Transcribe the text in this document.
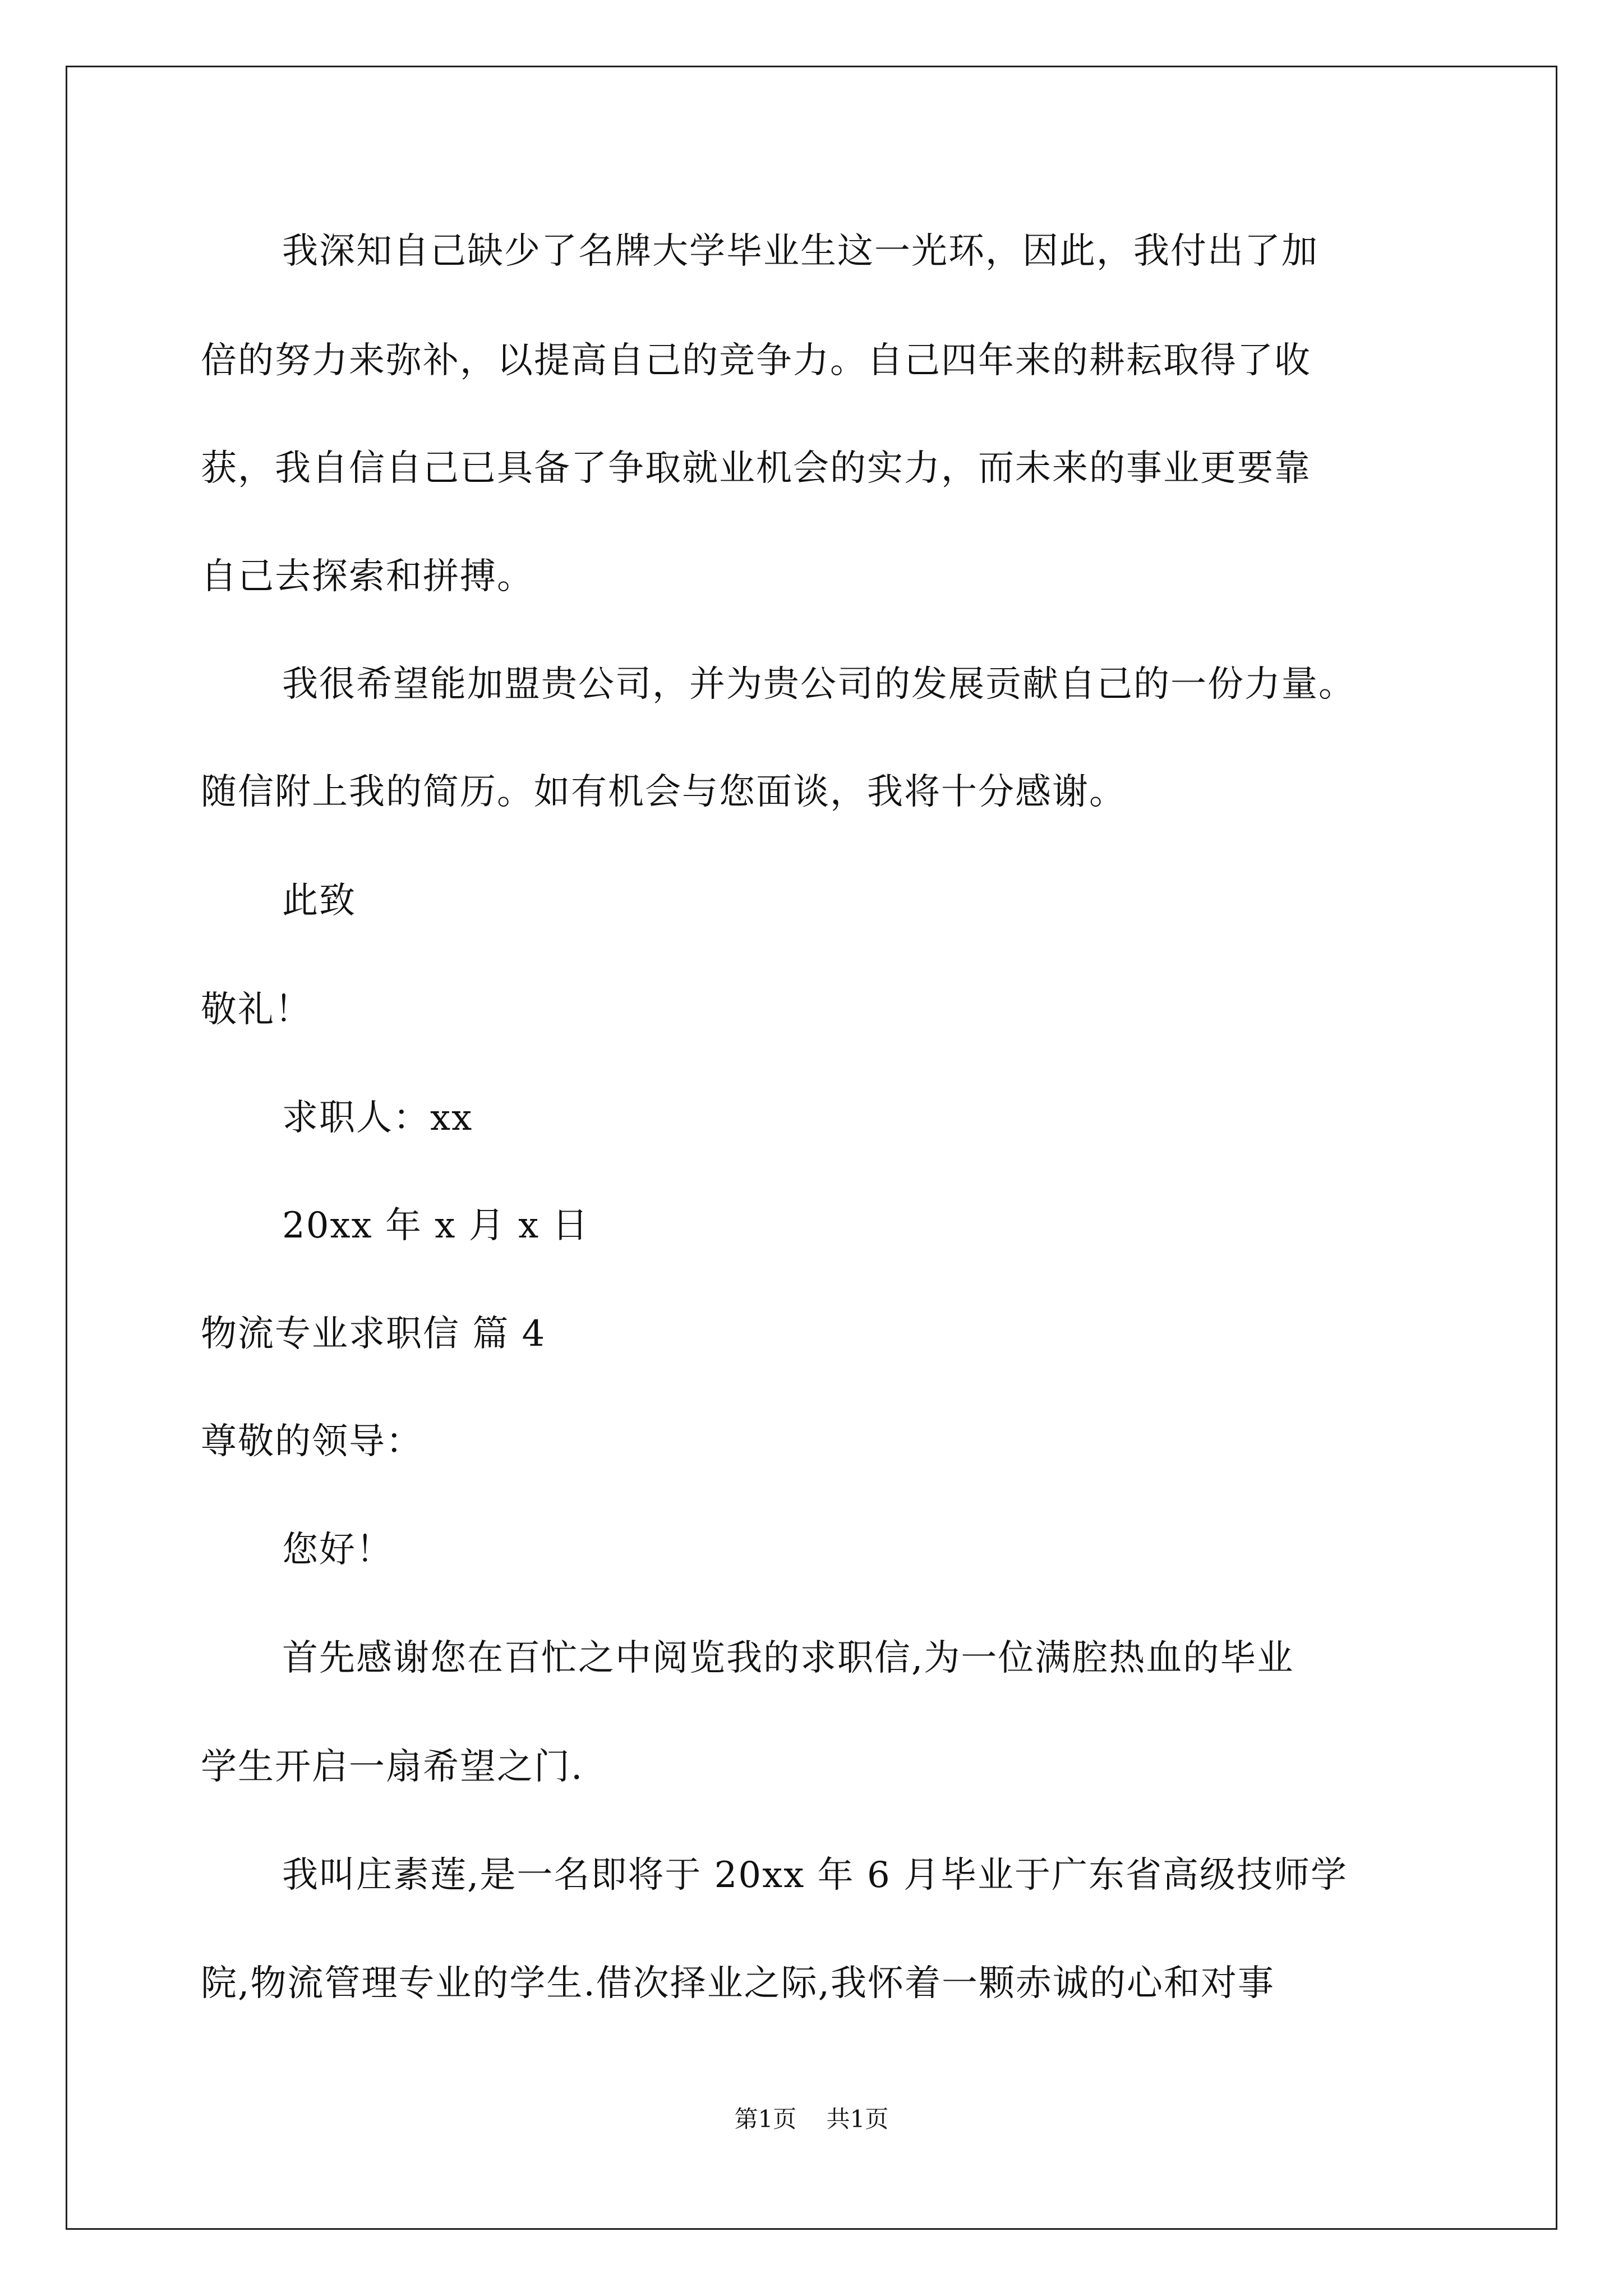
我深知自己缺少了名牌大学毕业生这一光环，因此，我付出了加

倍的努力来弥补，以提高自己的竞争力。自己四年来的耕耘取得了收

获，我自信自己已具备了争取就业机会的实力，而未来的事业更要靠

自己去探索和拼搏。

我很希望能加盟贵公司，并为贵公司的发展贡献自己的一份力量。

随信附上我的简历。如有机会与您面谈，我将十分感谢。

此致

敬礼！

求职人：xx

20xx 年 x 月 x 日

物流专业求职信 篇 4

尊敬的领导：

您好！

首先感谢您在百忙之中阅览我的求职信,为一位满腔热血的毕业

学生开启一扇希望之门.

我叫庄素莲,是一名即将于 20xx 年 6 月毕业于广东省高级技师学

院,物流管理专业的学生.借次择业之际,我怀着一颗赤诚的心和对事

第1页    共1页
